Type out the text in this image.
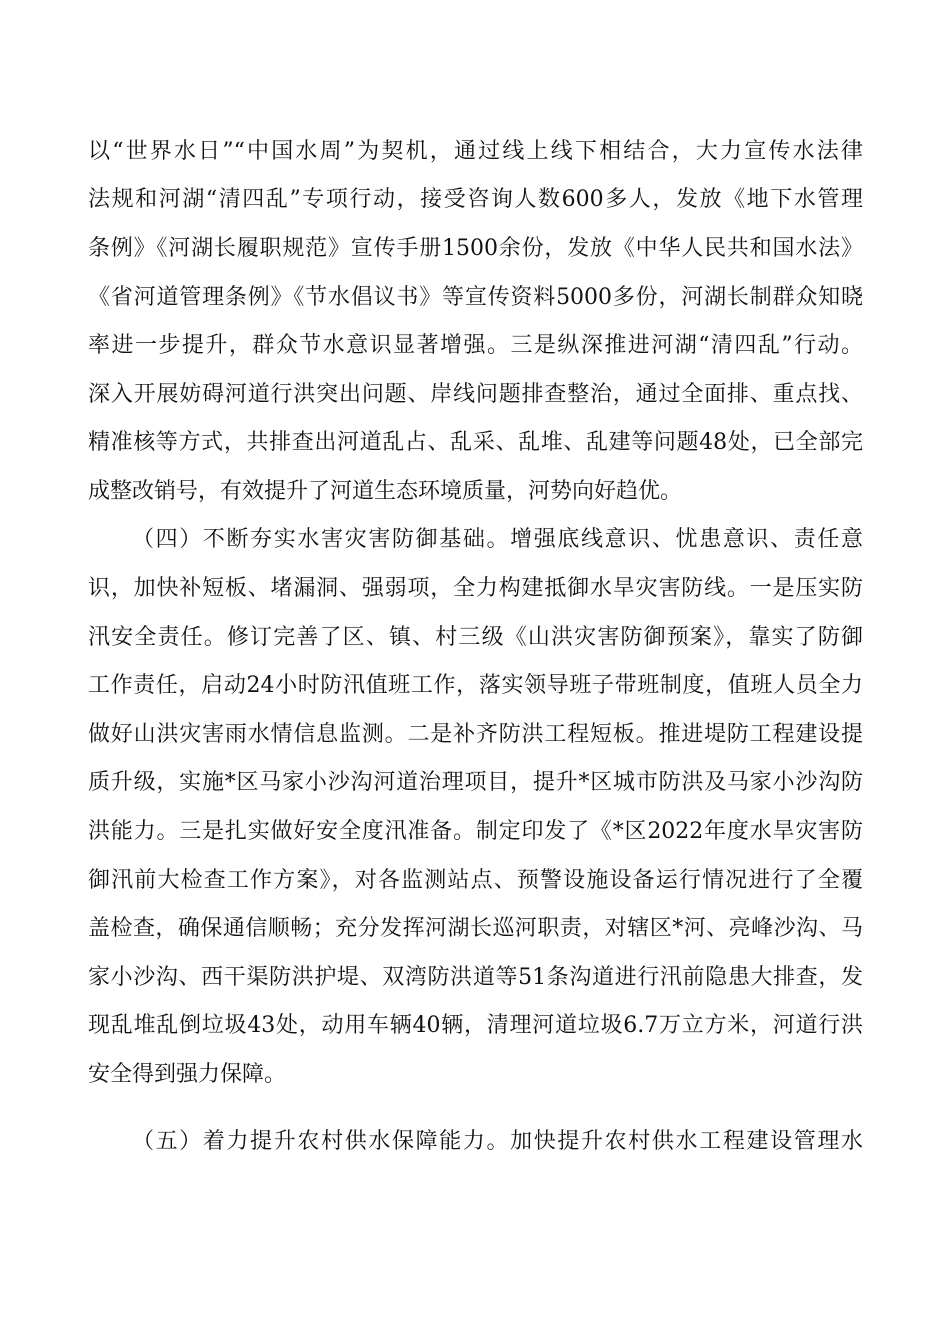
以“世界水日”“中国水周”为契机，通过线上线下相结合，大力宣传水法律
法规和河湖“清四乱”专项行动，接受咨询人数600多人，发放《地下水管理
条例》《河湖长履职规范》宣传手册1500余份，发放《中华人民共和国水法》
《省河道管理条例》《节水倡议书》等宣传资料5000多份，河湖长制群众知晓
率进一步提升，群众节水意识显著增强。三是纵深推进河湖“清四乱”行动。
深入开展妨碍河道行洪突出问题、岸线问题排查整治，通过全面排、重点找、
精准核等方式，共排查出河道乱占、乱采、乱堆、乱建等问题48处，已全部完
成整改销号，有效提升了河道生态环境质量，河势向好趋优。
（四）不断夯实水害灾害防御基础。增强底线意识、忧患意识、责任意
识，加快补短板、堵漏洞、强弱项，全力构建抵御水旱灾害防线。一是压实防
汛安全责任。修订完善了区、镇、村三级《山洪灾害防御预案》，靠实了防御
工作责任，启动24小时防汛值班工作，落实领导班子带班制度，值班人员全力
做好山洪灾害雨水情信息监测。二是补齐防洪工程短板。推进堤防工程建设提
质升级，实施*区马家小沙沟河道治理项目，提升*区城市防洪及马家小沙沟防
洪能力。三是扎实做好安全度汛准备。制定印发了《*区2022年度水旱灾害防
御汛前大检查工作方案》，对各监测站点、预警设施设备运行情况进行了全覆
盖检查，确保通信顺畅；充分发挥河湖长巡河职责，对辖区*河、亮峰沙沟、马
家小沙沟、西干渠防洪护堤、双湾防洪道等51条沟道进行汛前隐患大排查，发
现乱堆乱倒垃圾43处，动用车辆40辆，清理河道垃圾6.7万立方米，河道行洪
安全得到强力保障。
（五）着力提升农村供水保障能力。加快提升农村供水工程建设管理水
